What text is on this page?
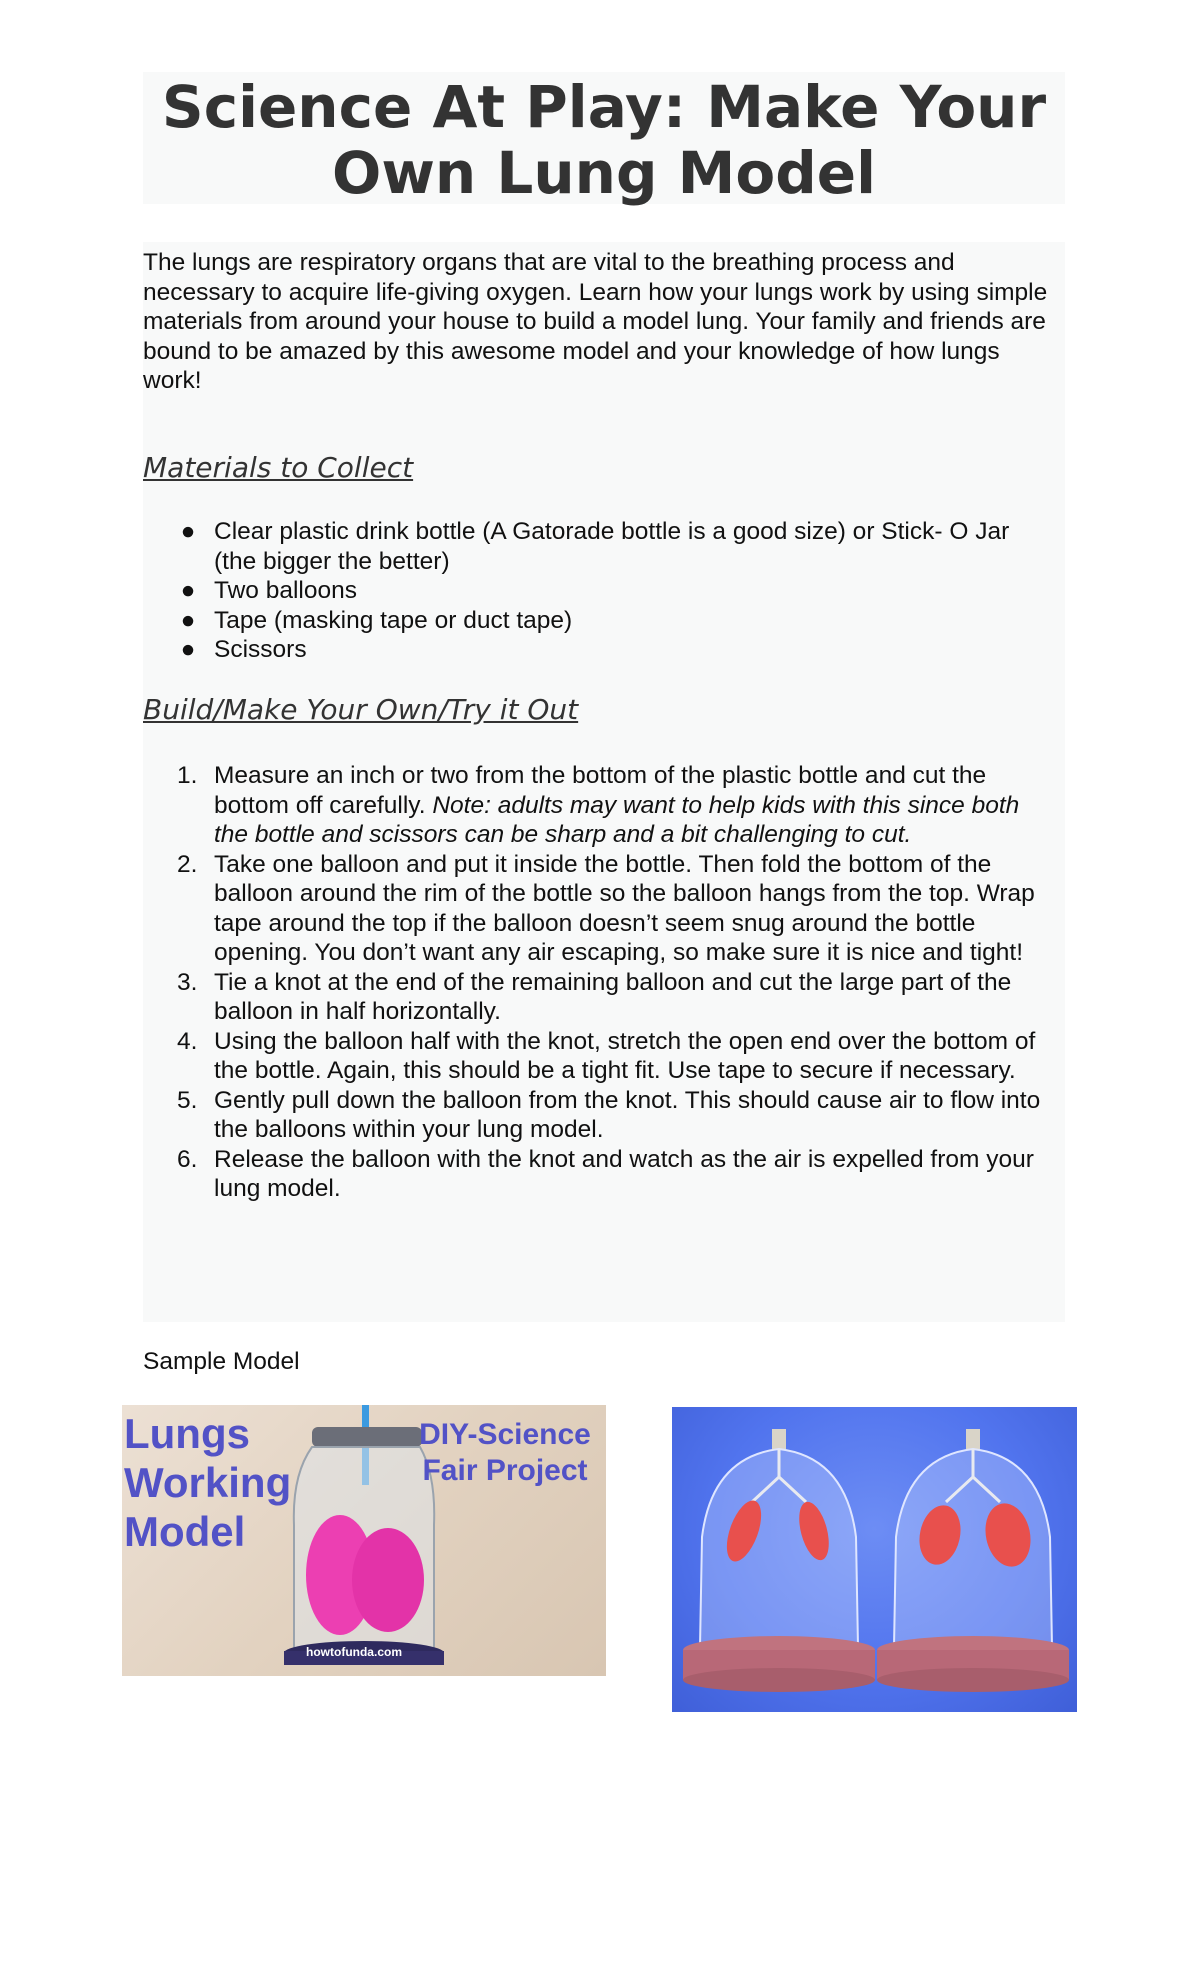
Science At Play: Make Your Own Lung Model

The lungs are respiratory organs that are vital to the breathing process and necessary to acquire life-giving oxygen. Learn how your lungs work by using simple materials from around your house to build a model lung. Your family and friends are bound to be amazed by this awesome model and your knowledge of how lungs work!

Materials to Collect
● Clear plastic drink bottle (A Gatorade bottle is a good size) or Stick- O Jar (the bigger the better)
● Two balloons
● Tape (masking tape or duct tape)
● Scissors
Build/Make Your Own/Try it Out
1. Measure an inch or two from the bottom of the plastic bottle and cut the bottom off carefully. Note: adults may want to help kids with this since both the bottle and scissors can be sharp and a bit challenging to cut.
2. Take one balloon and put it inside the bottle. Then fold the bottom of the balloon around the rim of the bottle so the balloon hangs from the top. Wrap tape around the top if the balloon doesn’t seem snug around the bottle opening. You don’t want any air escaping, so make sure it is nice and tight!
3. Tie a knot at the end of the remaining balloon and cut the large part of the balloon in half horizontally.
4. Using the balloon half with the knot, stretch the open end over the bottom of the bottle. Again, this should be a tight fit. Use tape to secure if necessary.
5. Gently pull down the balloon from the knot. This should cause air to flow into the balloons within your lung model.
6. Release the balloon with the knot and watch as the air is expelled from your lung model.

Sample Model

Lungs
Working
Model
DIY-Science
Fair Project
howtofunda.com
